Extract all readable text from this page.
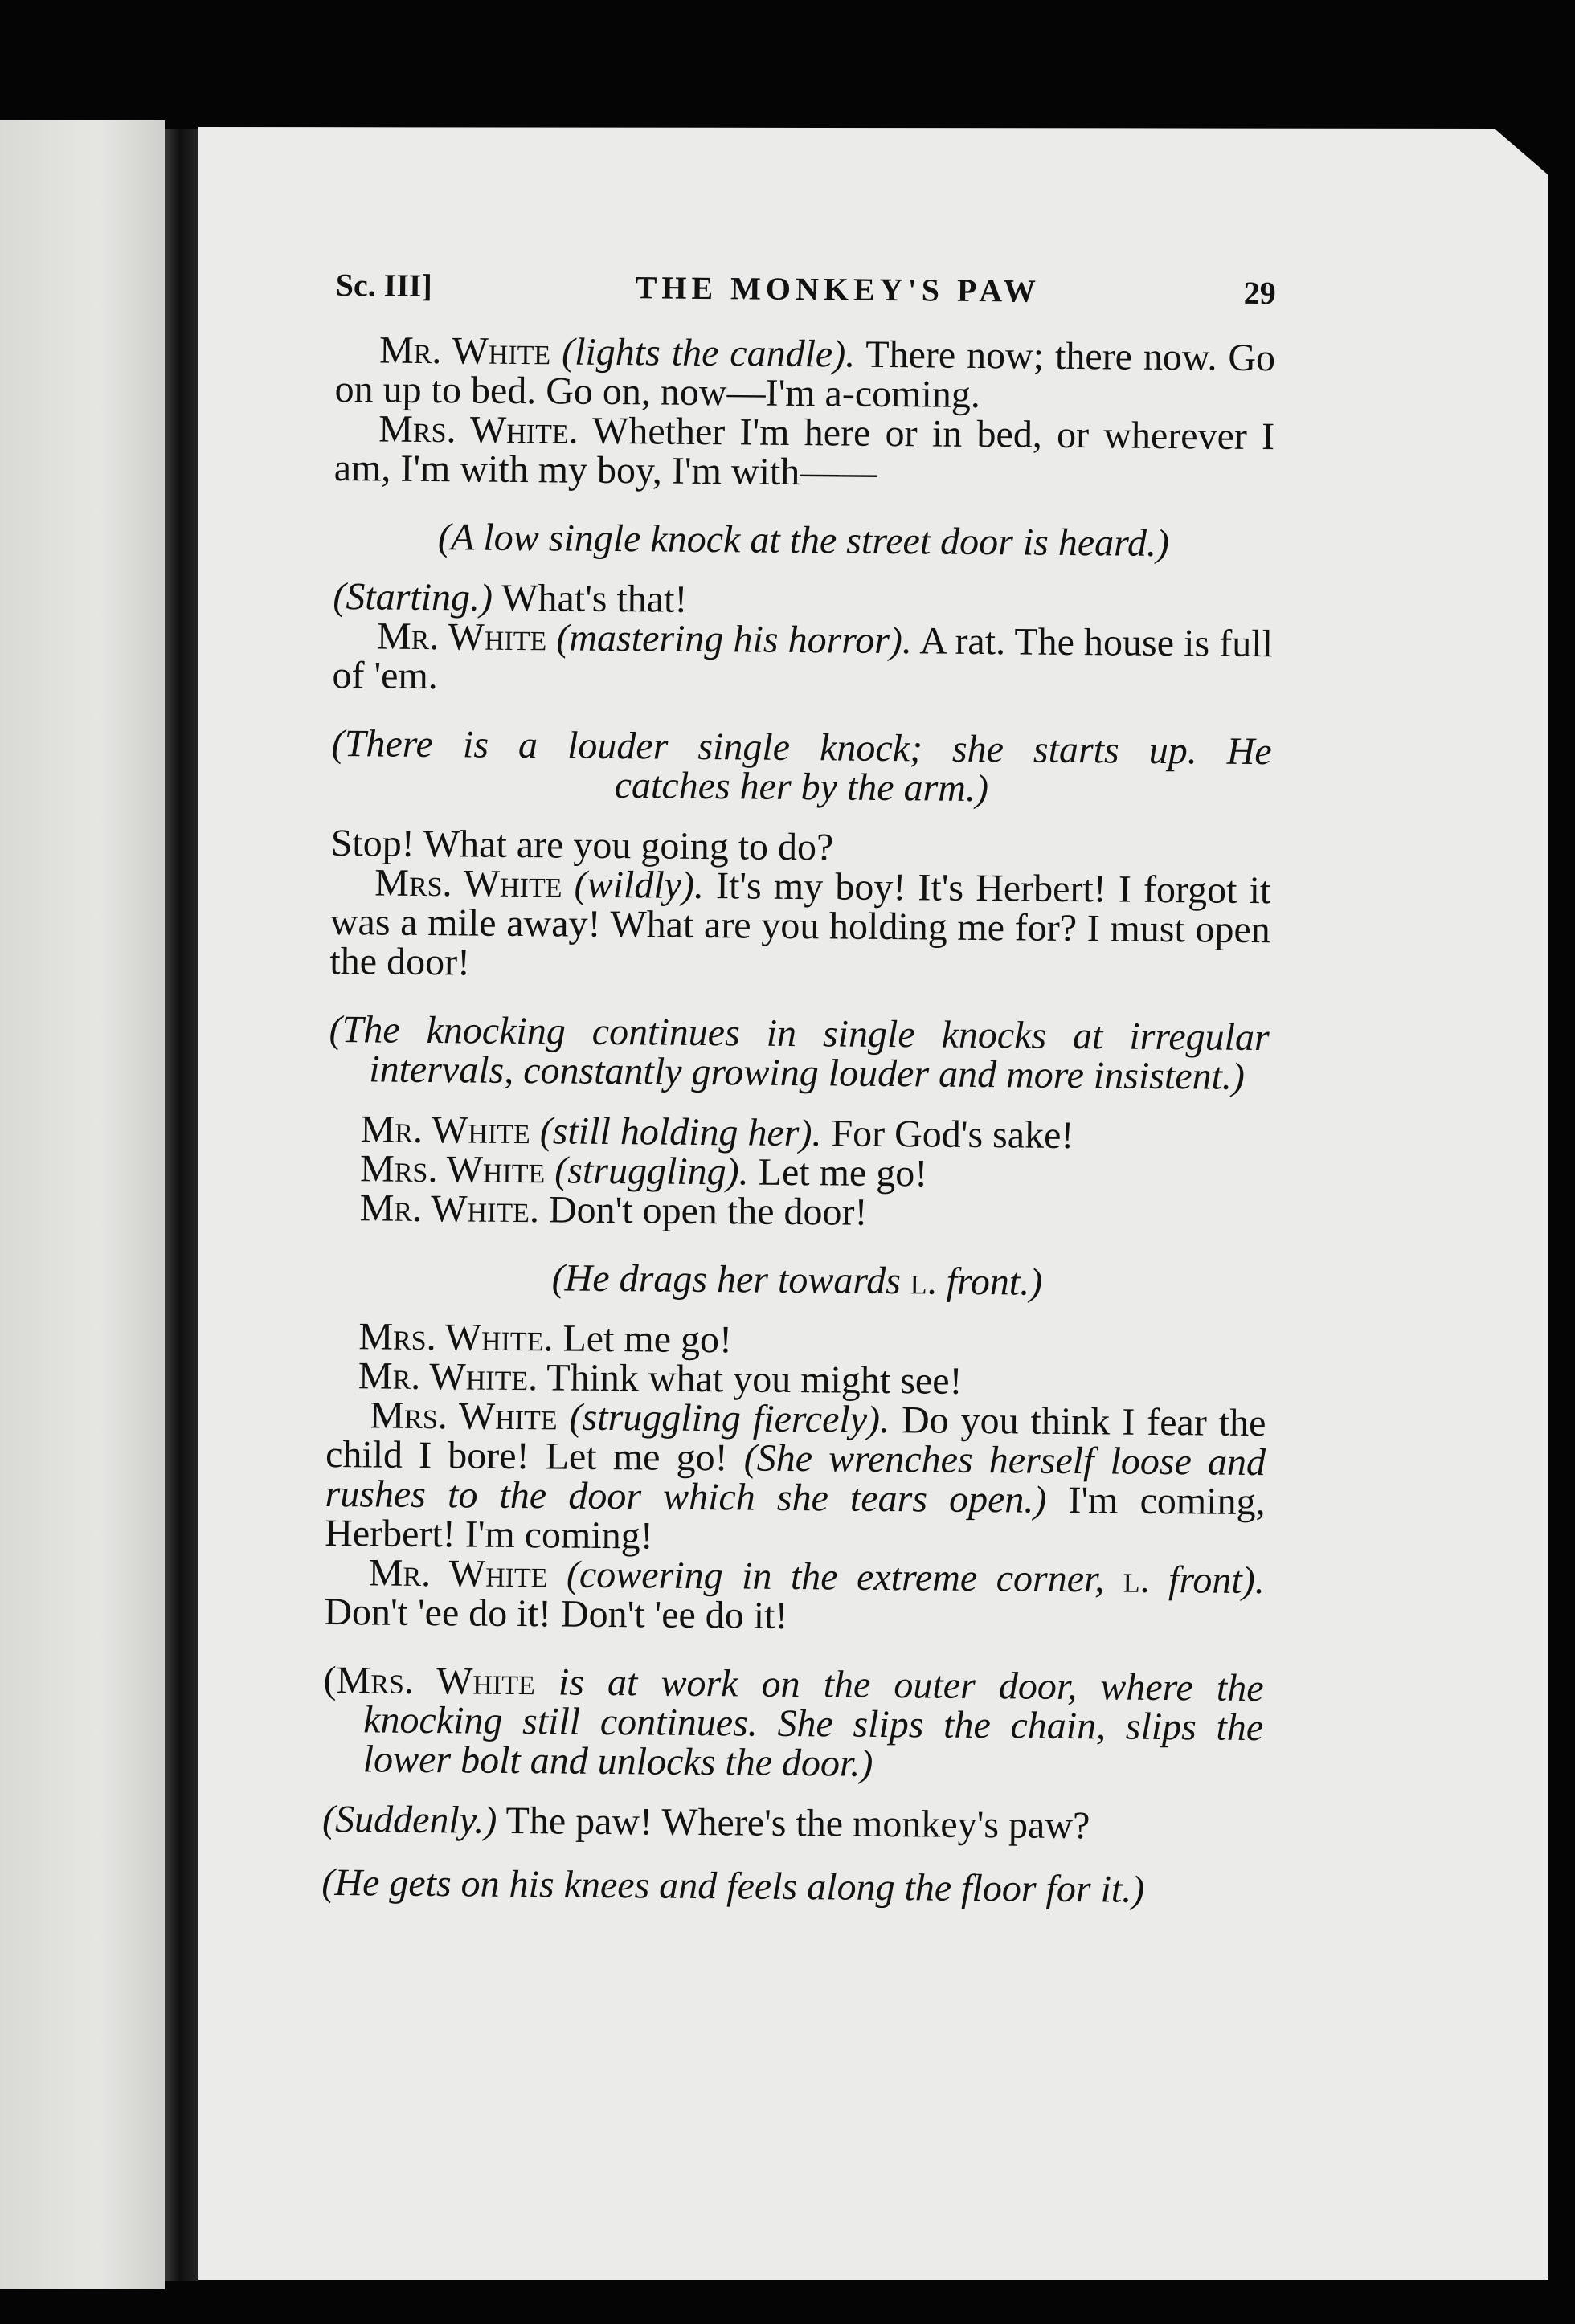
Sc. III]	THE MONKEY'S PAW	29

Mr. White (lights the candle). There now; there now. Go on up to bed. Go on, now—I'm a-coming.

Mrs. White. Whether I'm here or in bed, or wherever I am, I'm with my boy, I'm with——

(A low single knock at the street door is heard.)

(Starting.) What's that!

Mr. White (mastering his horror). A rat. The house is full of 'em.

(There is a louder single knock; she starts up. He
catches her by the arm.)

Stop! What are you going to do?

Mrs. White (wildly). It's my boy! It's Herbert! I forgot it was a mile away! What are you holding me for? I must open the door!

(The knocking continues in single knocks at irregular intervals, constantly growing louder and more insistent.)

Mr. White (still holding her). For God's sake!

Mrs. White (struggling). Let me go!

Mr. White. Don't open the door!

(He drags her towards l. front.)

Mrs. White. Let me go!

Mr. White. Think what you might see!

Mrs. White (struggling fiercely). Do you think I fear the child I bore! Let me go! (She wrenches herself loose and rushes to the door which she tears open.) I'm coming, Herbert! I'm coming!

Mr. White (cowering in the extreme corner, l. front). Don't 'ee do it! Don't 'ee do it!

(Mrs. White is at work on the outer door, where the knocking still continues. She slips the chain, slips the lower bolt and unlocks the door.)

(Suddenly.) The paw! Where's the monkey's paw?

(He gets on his knees and feels along the floor for it.)
